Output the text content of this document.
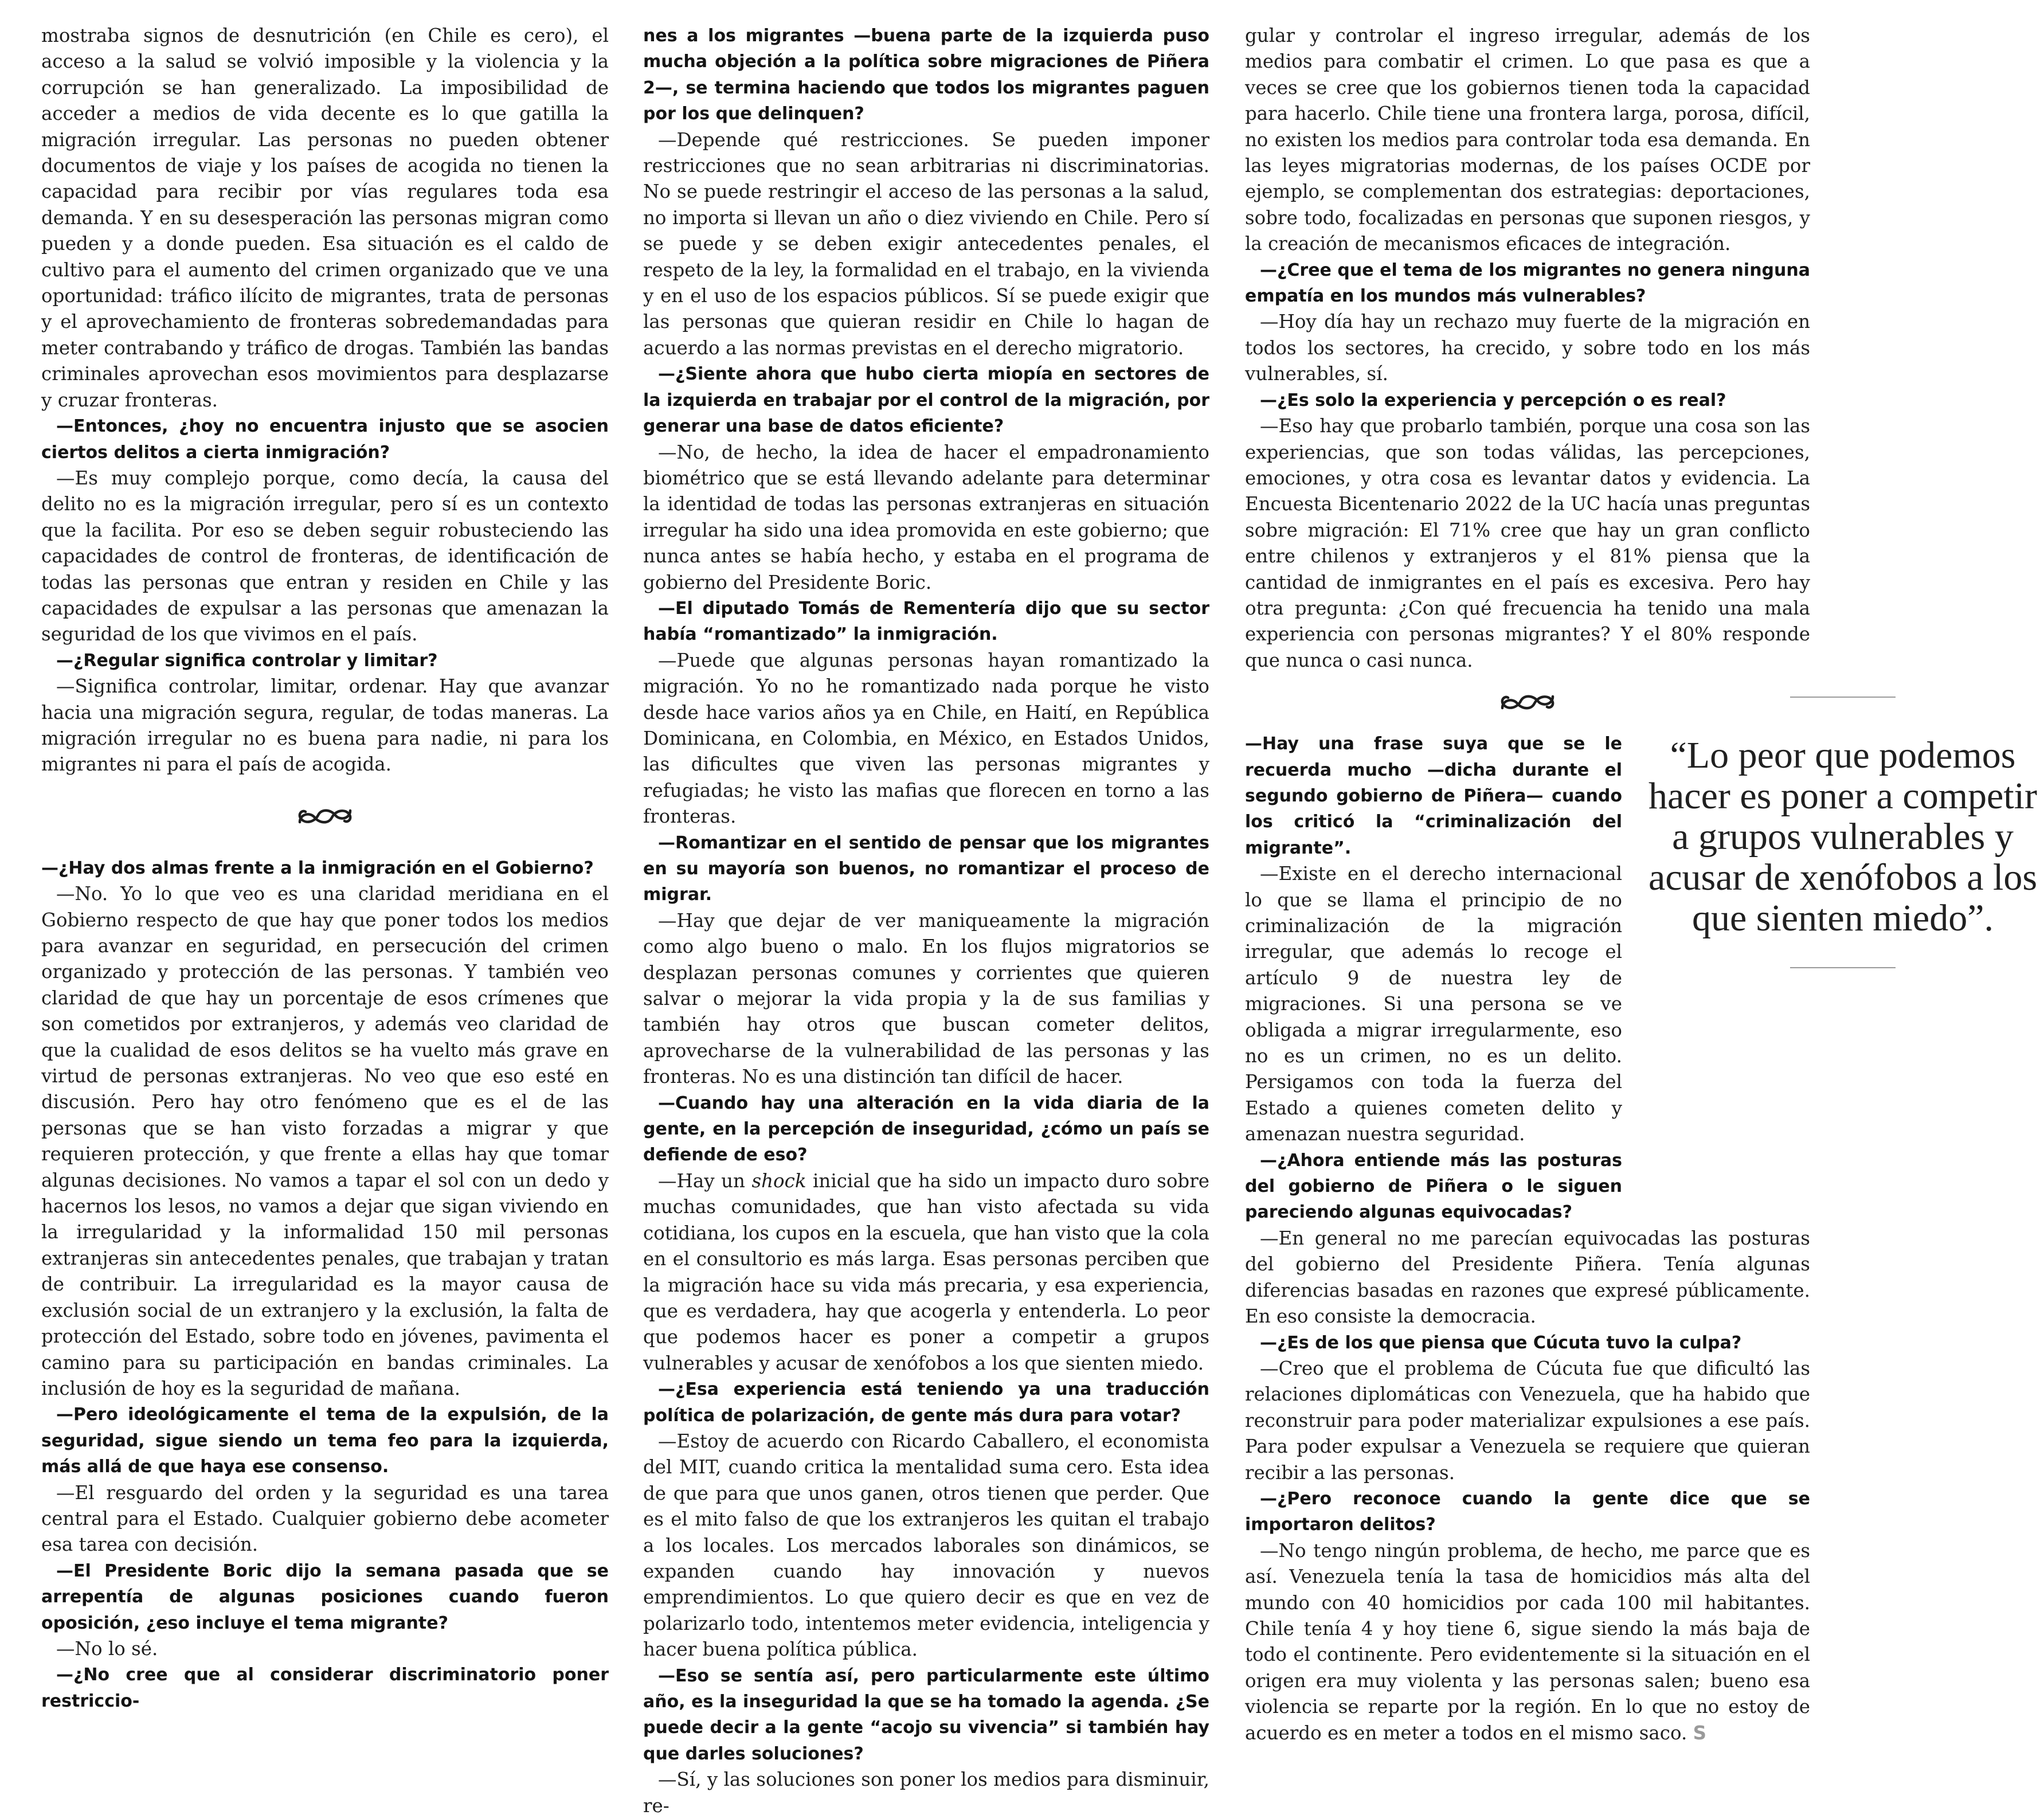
mostraba signos de desnutrición (en Chile es cero), el acceso a la salud se volvió imposible y la violencia y la corrupción se han generalizado. La imposibilidad de acceder a medios de vida decente es lo que gatilla la migración irregular. Las personas no pueden obtener documentos de viaje y los países de acogida no tienen la capacidad para recibir por vías regulares toda esa demanda. Y en su desesperación las personas migran como pueden y a donde pueden. Esa situación es el caldo de cultivo para el aumento del crimen organizado que ve una oportunidad: tráfico ilícito de migrantes, trata de personas y el aprovechamiento de fronteras sobredemandadas para meter contrabando y tráfico de drogas. También las bandas criminales aprovechan esos movimientos para desplazarse y cruzar fronteras.

—Entonces, ¿hoy no encuentra injusto que se asocien ciertos delitos a cierta inmigración?

—Es muy complejo porque, como decía, la causa del delito no es la migración irregular, pero sí es un contexto que la facilita. Por eso se deben seguir robusteciendo las capacidades de control de fronteras, de identificación de todas las personas que entran y residen en Chile y las capacidades de expulsar a las personas que amenazan la seguridad de los que vivimos en el país.

—¿Regular significa controlar y limitar?

—Significa controlar, limitar, ordenar. Hay que avanzar hacia una migración segura, regular, de todas maneras. La migración irregular no es buena para nadie, ni para los migrantes ni para el país de acogida.

—¿Hay dos almas frente a la inmigración en el Gobierno?

—No. Yo lo que veo es una claridad meridiana en el Gobierno respecto de que hay que poner todos los medios para avanzar en seguridad, en persecución del crimen organizado y protección de las personas. Y también veo claridad de que hay un porcentaje de esos crímenes que son cometidos por extranjeros, y además veo claridad de que la cualidad de esos delitos se ha vuelto más grave en virtud de personas extranjeras. No veo que eso esté en discusión. Pero hay otro fenómeno que es el de las personas que se han visto forzadas a migrar y que requieren protección, y que frente a ellas hay que tomar algunas decisiones. No vamos a tapar el sol con un dedo y hacernos los lesos, no vamos a dejar que sigan viviendo en la irregularidad y la informalidad 150 mil personas extranjeras sin antecedentes penales, que trabajan y tratan de contribuir. La irregularidad es la mayor causa de exclusión social de un extranjero y la exclusión, la falta de protección del Estado, sobre todo en jóvenes, pavimenta el camino para su participación en bandas criminales. La inclusión de hoy es la seguridad de mañana.

—Pero ideológicamente el tema de la expulsión, de la seguridad, sigue siendo un tema feo para la izquierda, más allá de que haya ese consenso.

—El resguardo del orden y la seguridad es una tarea central para el Estado. Cualquier gobierno debe acometer esa tarea con decisión.

—El Presidente Boric dijo la semana pasada que se arrepentía de algunas posiciones cuando fueron oposición, ¿eso incluye el tema migrante?

—No lo sé.

—¿No cree que al considerar discriminatorio poner restriccio-

nes a los migrantes —buena parte de la izquierda puso mucha objeción a la política sobre migraciones de Piñera 2—, se termina haciendo que todos los migrantes paguen por los que delinquen?

—Depende qué restricciones. Se pueden imponer restricciones que no sean arbitrarias ni discriminatorias. No se puede restringir el acceso de las personas a la salud, no importa si llevan un año o diez viviendo en Chile. Pero sí se puede y se deben exigir antecedentes penales, el respeto de la ley, la formalidad en el trabajo, en la vivienda y en el uso de los espacios públicos. Sí se puede exigir que las personas que quieran residir en Chile lo hagan de acuerdo a las normas previstas en el derecho migratorio.

—¿Siente ahora que hubo cierta miopía en sectores de la izquierda en trabajar por el control de la migración, por generar una base de datos eficiente?

—No, de hecho, la idea de hacer el empadronamiento biométrico que se está llevando adelante para determinar la identidad de todas las personas extranjeras en situación irregular ha sido una idea promovida en este gobierno; que nunca antes se había hecho, y estaba en el programa de gobierno del Presidente Boric.

—El diputado Tomás de Rementería dijo que su sector había “romantizado” la inmigración.

—Puede que algunas personas hayan romantizado la migración. Yo no he romantizado nada porque he visto desde hace varios años ya en Chile, en Haití, en República Dominicana, en Colombia, en México, en Estados Unidos, las dificultes que viven las personas migrantes y refugiadas; he visto las mafias que florecen en torno a las fronteras.

—Romantizar en el sentido de pensar que los migrantes en su mayoría son buenos, no romantizar el proceso de migrar.

—Hay que dejar de ver maniqueamente la migración como algo bueno o malo. En los flujos migratorios se desplazan personas comunes y corrientes que quieren salvar o mejorar la vida propia y la de sus familias y también hay otros que buscan cometer delitos, aprovecharse de la vulnerabilidad de las personas y las fronteras. No es una distinción tan difícil de hacer.

—Cuando hay una alteración en la vida diaria de la gente, en la percepción de inseguridad, ¿cómo un país se defiende de eso?

—Hay un shock inicial que ha sido un impacto duro sobre muchas comunidades, que han visto afectada su vida cotidiana, los cupos en la escuela, que han visto que la cola en el consultorio es más larga. Esas personas perciben que la migración hace su vida más precaria, y esa experiencia, que es verdadera, hay que acogerla y entenderla. Lo peor que podemos hacer es poner a competir a grupos vulnerables y acusar de xenófobos a los que sienten miedo.

—¿Esa experiencia está teniendo ya una traducción política de polarización, de gente más dura para votar?

—Estoy de acuerdo con Ricardo Caballero, el economista del MIT, cuando critica la mentalidad suma cero. Esta idea de que para que unos ganen, otros tienen que perder. Que es el mito falso de que los extranjeros les quitan el trabajo a los locales. Los mercados laborales son dinámicos, se expanden cuando hay innovación y nuevos emprendimientos. Lo que quiero decir es que en vez de polarizarlo todo, intentemos meter evidencia, inteligencia y hacer buena política pública.

—Eso se sentía así, pero particularmente este último año, es la inseguridad la que se ha tomado la agenda. ¿Se puede decir a la gente “acojo su vivencia” si también hay que darles soluciones?

—Sí, y las soluciones son poner los medios para disminuir, re-

gular y controlar el ingreso irregular, además de los medios para combatir el crimen. Lo que pasa es que a veces se cree que los gobiernos tienen toda la capacidad para hacerlo. Chile tiene una frontera larga, porosa, difícil, no existen los medios para controlar toda esa demanda. En las leyes migratorias modernas, de los países OCDE por ejemplo, se complementan dos estrategias: deportaciones, sobre todo, focalizadas en personas que suponen riesgos, y la creación de mecanismos eficaces de integración.

—¿Cree que el tema de los migrantes no genera ninguna empatía en los mundos más vulnerables?

—Hoy día hay un rechazo muy fuerte de la migración en todos los sectores, ha crecido, y sobre todo en los más vulnerables, sí.

—¿Es solo la experiencia y percepción o es real?

—Eso hay que probarlo también, porque una cosa son las experiencias, que son todas válidas, las percepciones, emociones, y otra cosa es levantar datos y evidencia. La Encuesta Bicentenario 2022 de la UC hacía unas preguntas sobre migración: El 71% cree que hay un gran conflicto entre chilenos y extranjeros y el 81% piensa que la cantidad de inmigrantes en el país es excesiva. Pero hay otra pregunta: ¿Con qué frecuencia ha tenido una mala experiencia con personas migrantes? Y el 80% responde que nunca o casi nunca.

—Hay una frase suya que se le recuerda mucho —dicha durante el segundo gobierno de Piñera— cuando los criticó la “criminalización del migrante”.

—Existe en el derecho internacional lo que se llama el principio de no criminalización de la migración irregular, que además lo recoge el artículo 9 de nuestra ley de migraciones. Si una persona se ve obligada a migrar irregularmente, eso no es un crimen, no es un delito. Persigamos con toda la fuerza del Estado a quienes cometen delito y amenazan nuestra seguridad.

—¿Ahora entiende más las posturas del gobierno de Piñera o le siguen pareciendo algunas equivocadas?

—En general no me parecían equivocadas las posturas del gobierno del Presidente Piñera. Tenía algunas diferencias basadas en razones que expresé públicamente. En eso consiste la democracia.

—¿Es de los que piensa que Cúcuta tuvo la culpa?

—Creo que el problema de Cúcuta fue que dificultó las relaciones diplomáticas con Venezuela, que ha habido que reconstruir para poder materializar expulsiones a ese país. Para poder expulsar a Venezuela se requiere que quieran recibir a las personas.

—¿Pero reconoce cuando la gente dice que se importaron delitos?

—No tengo ningún problema, de hecho, me parce que es así. Venezuela tenía la tasa de homicidios más alta del mundo con 40 homicidios por cada 100 mil habitantes. Chile tenía 4 y hoy tiene 6, sigue siendo la más baja de todo el continente. Pero evidentemente si la situación en el origen era muy violenta y las personas salen; bueno esa violencia se reparte por la región. En lo que no estoy de acuerdo es en meter a todos en el mismo saco. S

“Lo peor que podemos hacer es poner a competir a grupos vulnerables y acusar de xenófobos a los que sienten miedo”.
